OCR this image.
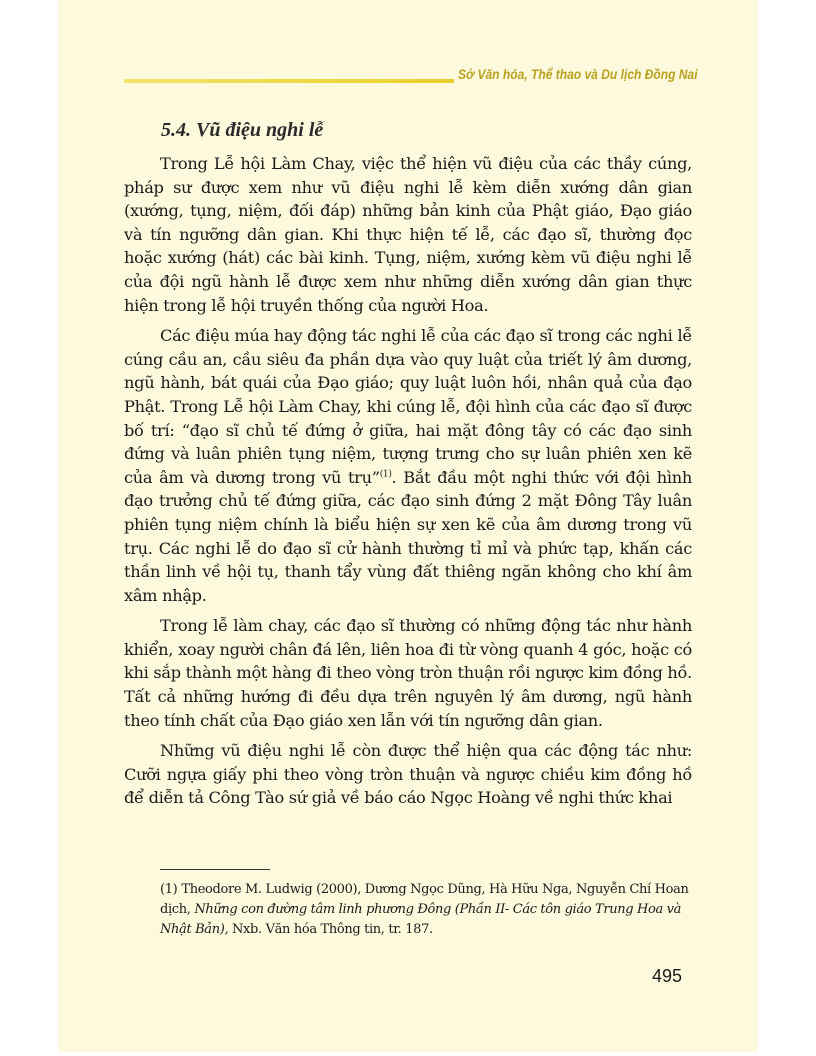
Sở Văn hóa, Thể thao và Du lịch Đồng Nai
5.4. Vũ điệu nghi lễ

Trong Lễ hội Làm Chay, việc thể hiện vũ điệu của các thầy cúng, pháp sư được xem như vũ điệu nghi lễ kèm diễn xướng dân gian (xướng, tụng, niệm, đối đáp) những bản kinh của Phật giáo, Đạo giáo và tín ngưỡng dân gian. Khi thực hiện tế lễ, các đạo sĩ, thường đọc hoặc xướng (hát) các bài kinh. Tụng, niệm, xướng kèm vũ điệu nghi lễ của đội ngũ hành lễ được xem như những diễn xướng dân gian thực hiện trong lễ hội truyền thống của người Hoa.

Các điệu múa hay động tác nghi lễ của các đạo sĩ trong các nghi lễ cúng cầu an, cầu siêu đa phần dựa vào quy luật của triết lý âm dương, ngũ hành, bát quái của Đạo giáo; quy luật luôn hồi, nhân quả của đạo Phật. Trong Lễ hội Làm Chay, khi cúng lễ, đội hình của các đạo sĩ được bố trí: “đạo sĩ chủ tế đứng ở giữa, hai mặt đông tây có các đạo sinh đứng và luân phiên tụng niệm, tượng trưng cho sự luân phiên xen kẽ của âm và dương trong vũ trụ”$^{(1)}$. Bắt đầu một nghi thức với đội hình đạo trưởng chủ tế đứng giữa, các đạo sinh đứng 2 mặt Đông Tây luân phiên tụng niệm chính là biểu hiện sự xen kẽ của âm dương trong vũ trụ. Các nghi lễ do đạo sĩ cử hành thường tỉ mỉ và phức tạp, khấn các thần linh về hội tụ, thanh tẩy vùng đất thiêng ngăn không cho khí âm xâm nhập.

Trong lễ làm chay, các đạo sĩ thường có những động tác như hành khiển, xoay người chân đá lên, liên hoa đi từ vòng quanh 4 góc, hoặc có khi sắp thành một hàng đi theo vòng tròn thuận rồi ngược kim đồng hồ. Tất cả những hướng đi đều dựa trên nguyên lý âm dương, ngũ hành theo tính chất của Đạo giáo xen lẫn với tín ngưỡng dân gian.

Những vũ điệu nghi lễ còn được thể hiện qua các động tác như: Cưỡi ngựa giấy phi theo vòng tròn thuận và ngược chiều kim đồng hồ để diễn tả Công Tào sứ giả về báo cáo Ngọc Hoàng về nghi thức khai

(1) Theodore M. Ludwig (2000), Dương Ngọc Dũng, Hà Hữu Nga, Nguyễn Chí Hoan dịch, Những con đường tâm linh phương Đông (Phần II- Các tôn giáo Trung Hoa và Nhật Bản), Nxb. Văn hóa Thông tin, tr. 187.
495
